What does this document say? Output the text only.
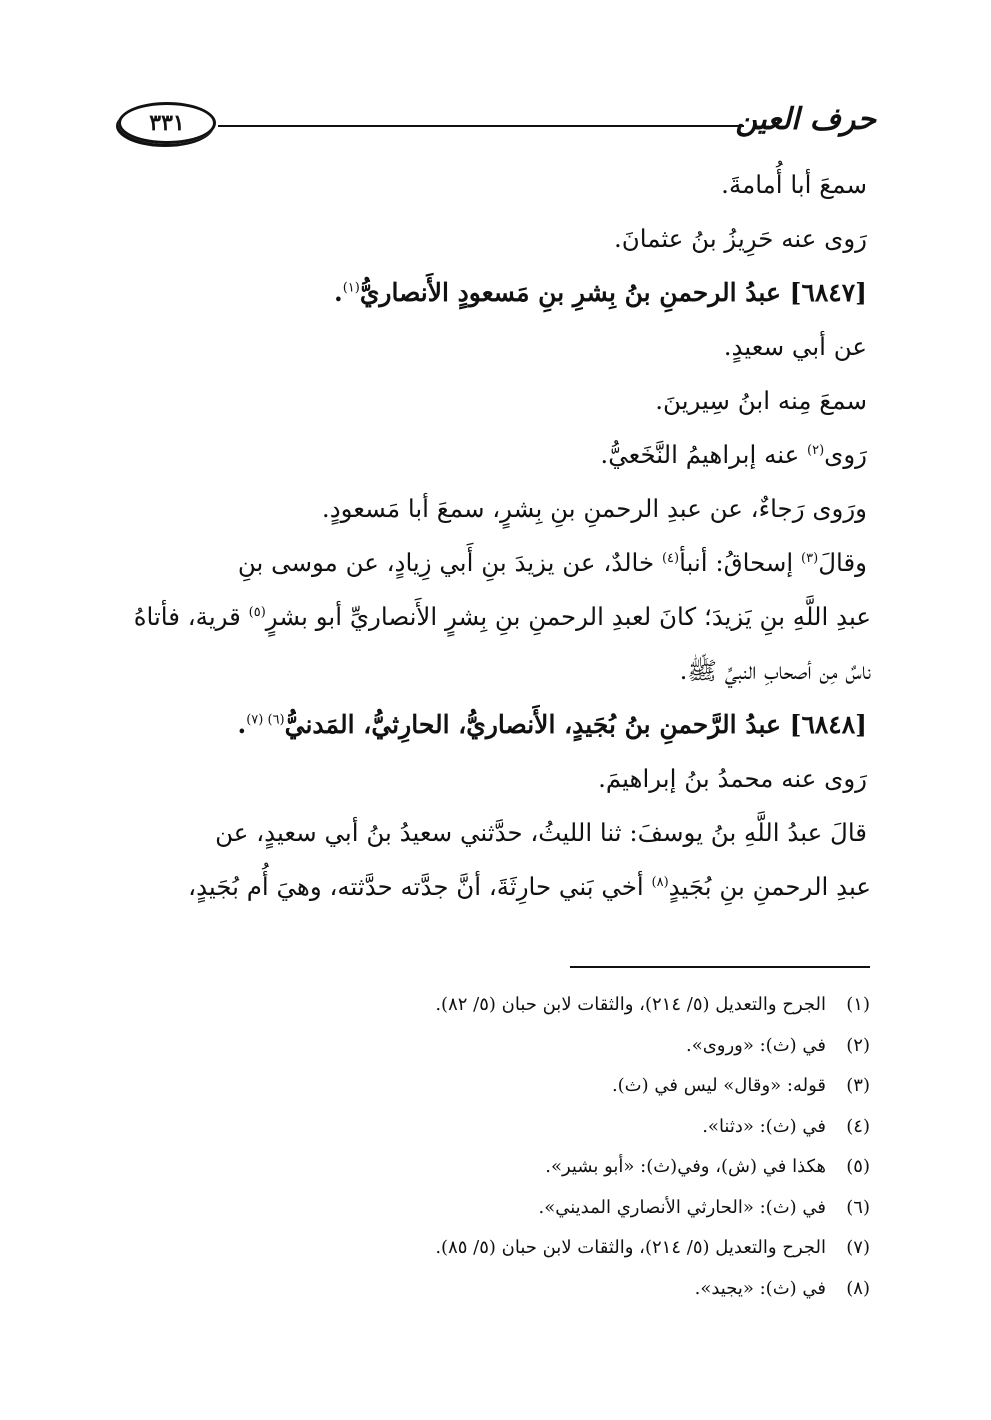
حرف العين
٣٣١
سمعَ أبا أُمامةَ.
رَوى عنه حَرِيزُ بنُ عثمانَ.
[٦٨٤٧] عبدُ الرحمنِ بنُ بِشرِ بنِ مَسعودٍ الأَنصاريُّ$^{(١)}$.
عن أبي سعيدٍ.
سمعَ مِنه ابنُ سِيرينَ.
رَوى$^{(٢)}$ عنه إبراهيمُ النَّخَعيُّ.
ورَوى رَجاءٌ، عن عبدِ الرحمنِ بنِ بِشرٍ، سمعَ أبا مَسعودٍ.
وقالَ$^{(٣)}$ إسحاقُ: أنبأ$^{(٤)}$ خالدٌ، عن يزيدَ بنِ أَبي زِيادٍ، عن موسى بنِ
عبدِ اللَّهِ بنِ يَزيدَ؛ كانَ لعبدِ الرحمنِ بنِ بِشرٍ الأَنصاريِّ أبو بشرٍ$^{(٥)}$ قرية، فأتاهُ
ناسٌ مِن أصحابِ النبيِّ ﷺ.
[٦٨٤٨] عبدُ الرَّحمنِ بنُ بُجَيدٍ، الأَنصاريُّ، الحارِثيُّ، المَدنيُّ$^{(٦) (٧)}$.
رَوى عنه محمدُ بنُ إبراهيمَ.
قالَ عبدُ اللَّهِ بنُ يوسفَ: ثنا الليثُ، حدَّثني سعيدُ بنُ أبي سعيدٍ، عن
عبدِ الرحمنِ بنِ بُجَيدٍ$^{(٨)}$ أخي بَني حارِثَةَ، أنَّ جدَّته حدَّثته، وهيَ أُم بُجَيدٍ،
(١)الجرح والتعديل (٥/ ٢١٤)، والثقات لابن حبان (٥/ ٨٢).
(٢)في (ث): «وروى».
(٣)قوله: «وقال» ليس في (ث).
(٤)في (ث): «دثنا».
(٥)هكذا في (ش)، وفي(ث): «أبو بشير».
(٦)في (ث): «الحارثي الأنصاري المديني».
(٧)الجرح والتعديل (٥/ ٢١٤)، والثقات لابن حبان (٥/ ٨٥).
(٨)في (ث): «يجيد».
